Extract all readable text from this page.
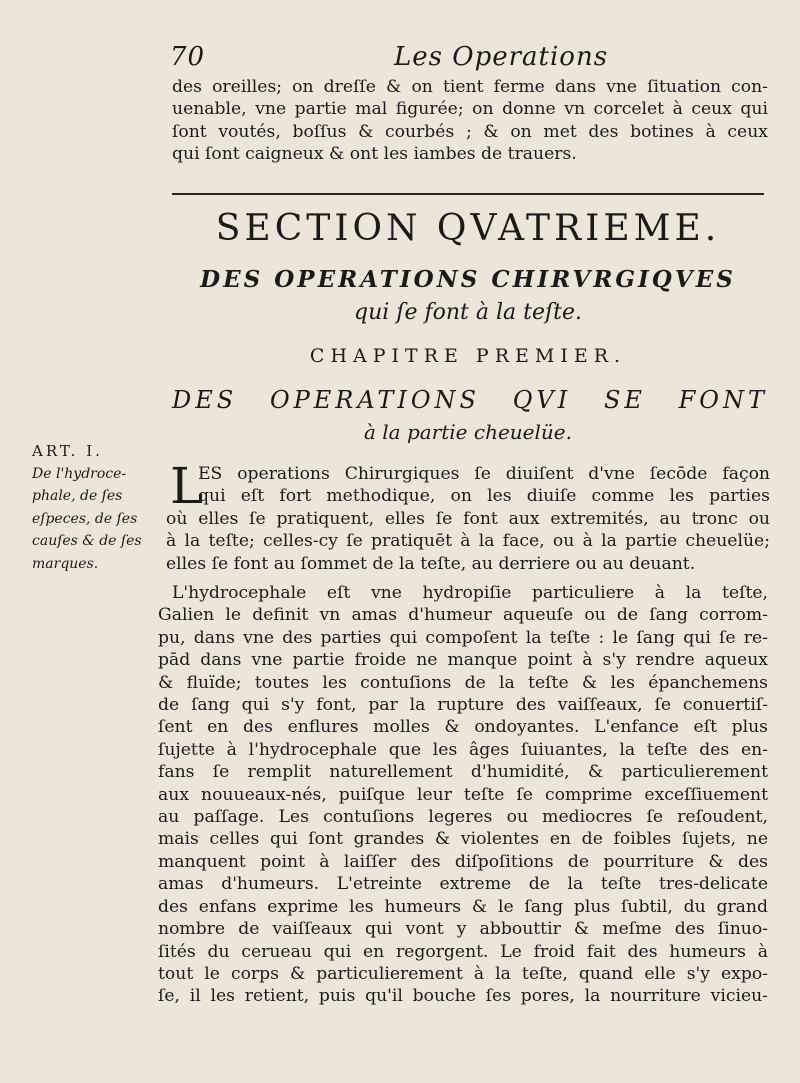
70	Les Operations
des oreilles; on dreſſe & on tient ferme dans vne ſituation con-
uenable, vne partie mal figurée; on donne vn corcelet à ceux qui
ſont voutés, boſſus & courbés ; & on met des botines à ceux
qui ſont caigneux & ont les iambes de trauers.
SECTION QVATRIEME.
DES OPERATIONS CHIRVRGIQVES
qui ſe font à la teſte.
CHAPITRE PREMIER.
DES OPERATIONS QVI SE FONT
à la partie cheuelüe.
ART. I.
De l'hydroce-
phale, de ſes
eſpeces, de ſes
cauſes & de ſes
marques.
L
ES operations Chirurgiques ſe diuiſent d'vne ſecōde façon
qui eſt fort methodique, on les diuiſe comme les parties
où elles ſe pratiquent, elles ſe font aux extremités, au tronc ou
à la teſte; celles-cy ſe pratiquēt à la face, ou à la partie cheuelüe;
elles ſe font au ſommet de la teſte, au derriere ou au deuant.
L'hydrocephale eſt vne hydropiſie particuliere à la teſte,
Galien le definit vn amas d'humeur aqueuſe ou de ſang corrom-
pu, dans vne des parties qui compoſent la teſte : le ſang qui ſe re-
pād dans vne partie froide ne manque point à s'y rendre aqueux
& fluïde; toutes les contuſions de la teſte & les épanchemens
de ſang qui s'y font, par la rupture des vaiſſeaux, ſe conuertiſ-
ſent en des enflures molles & ondoyantes. L'enfance eſt plus
ſujette à l'hydrocephale que les âges ſuiuantes, la teſte des en-
fans ſe remplit naturellement d'humidité, & particulierement
aux nouueaux-nés, puiſque leur teſte ſe comprime exceſſiuement
au paſſage. Les contuſions legeres ou mediocres ſe reſoudent,
mais celles qui ſont grandes & violentes en de foibles ſujets, ne
manquent point à laiſſer des diſpoſitions de pourriture & des
amas d'humeurs. L'etreinte extreme de la teſte tres-delicate
des enfans exprime les humeurs & le ſang plus ſubtil, du grand
nombre de vaiſſeaux qui vont y abbouttir & meſme des ſinuo-
ſités du cerueau qui en regorgent. Le froid fait des humeurs à
tout le corps & particulierement à la teſte, quand elle s'y expo-
ſe, il les retient, puis qu'il bouche ſes pores, la nourriture vicieu-
